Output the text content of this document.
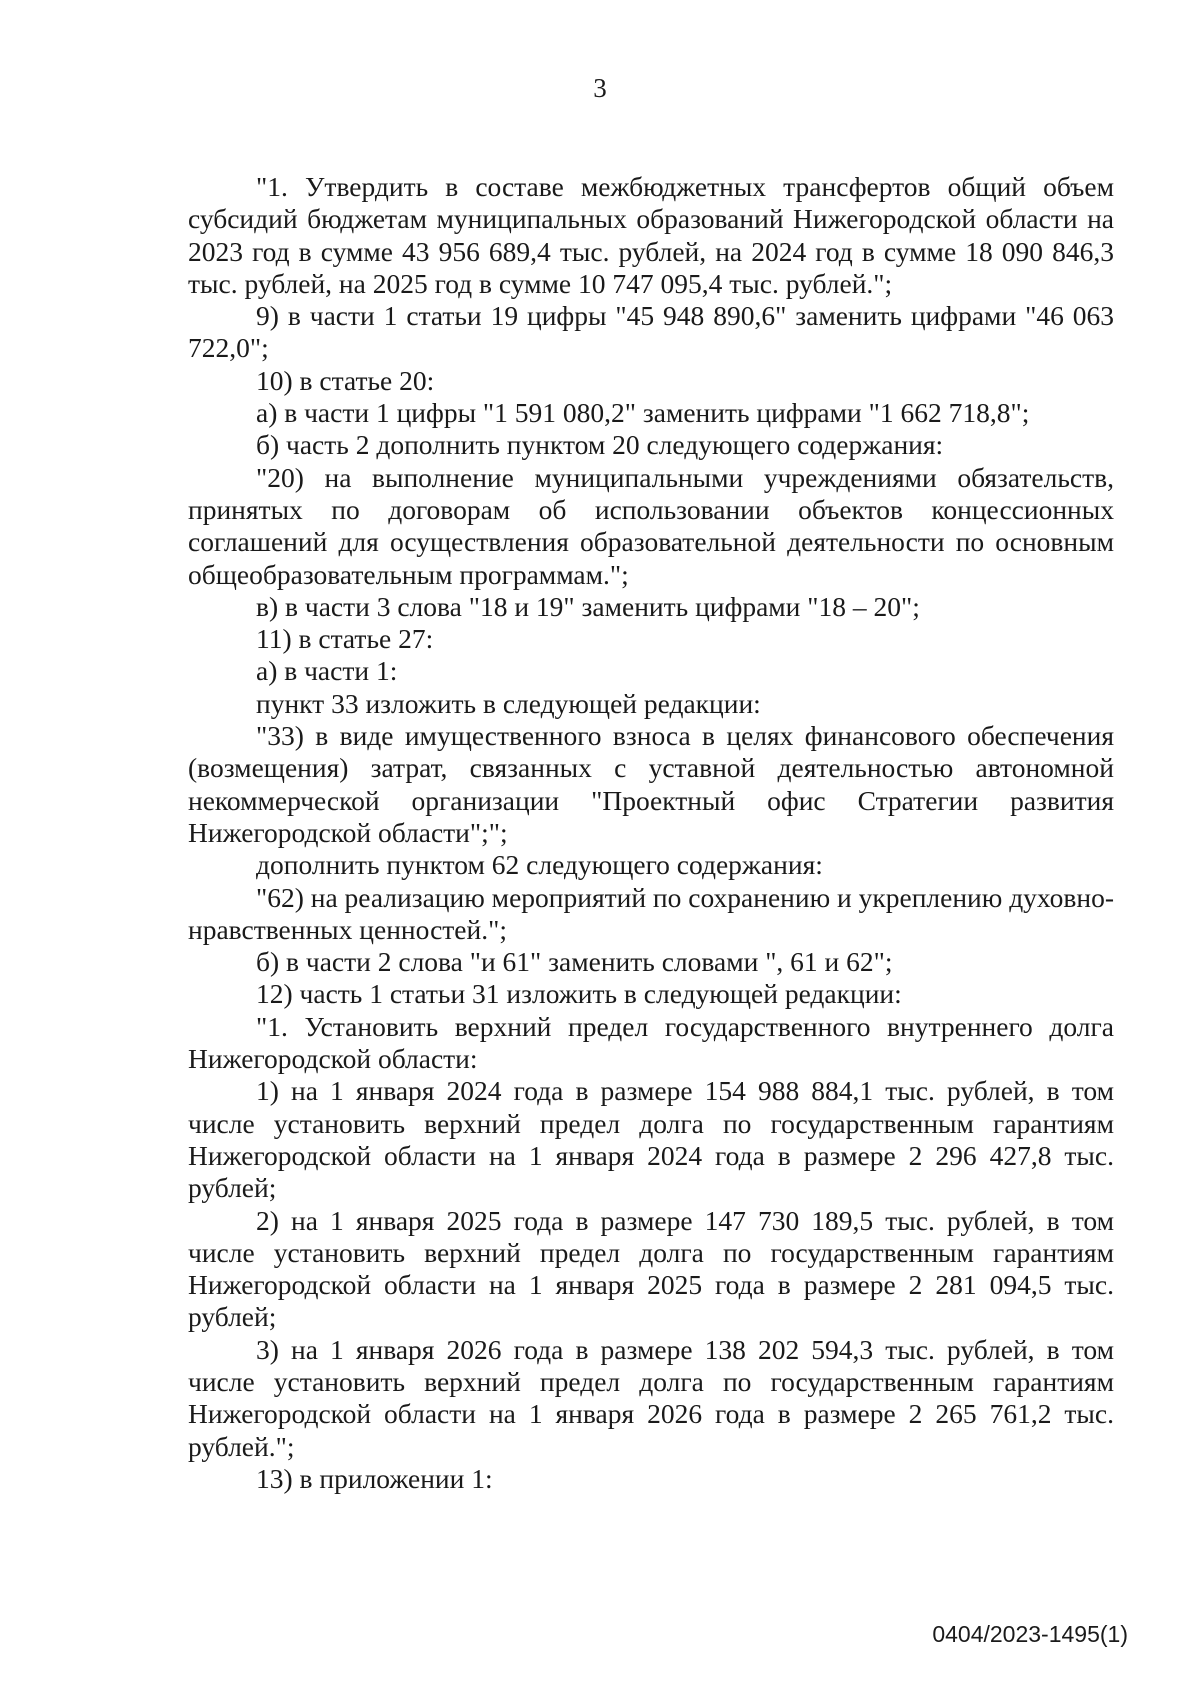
3

"1. Утвердить в составе межбюджетных трансфертов общий объем субсидий бюджетам муниципальных образований Нижегородской области на 2023 год в сумме 43 956 689,4 тыс. рублей, на 2024 год в сумме 18 090 846,3 тыс. рублей, на 2025 год в сумме 10 747 095,4 тыс. рублей.";

9) в части 1 статьи 19 цифры "45 948 890,6" заменить цифрами "46 063 722,0";

10) в статье 20:

а) в части 1 цифры "1 591 080,2" заменить цифрами "1 662 718,8";

б) часть 2 дополнить пунктом 20 следующего содержания:

"20) на выполнение муниципальными учреждениями обязательств, принятых по договорам об использовании объектов концессионных соглашений для осуществления образовательной деятельности по основным общеобразовательным программам.";

в) в части 3 слова "18 и 19" заменить цифрами "18 – 20";

11) в статье 27:

а) в части 1:

пункт 33 изложить в следующей редакции:

"33) в виде имущественного взноса в целях финансового обеспечения (возмещения) затрат, связанных с уставной деятельностью автономной некоммерческой организации "Проектный офис Стратегии развития Нижегородской области";";

дополнить пунктом 62 следующего содержания:

"62) на реализацию мероприятий по сохранению и укреплению духовно-нравственных ценностей.";

б) в части 2 слова "и 61" заменить словами ", 61 и 62";

12) часть 1 статьи 31 изложить в следующей редакции:

"1. Установить верхний предел государственного внутреннего долга Нижегородской области:

1) на 1 января 2024 года в размере 154 988 884,1 тыс. рублей, в том числе установить верхний предел долга по государственным гарантиям Нижегородской области на 1 января 2024 года в размере 2 296 427,8 тыс. рублей;

2) на 1 января 2025 года в размере 147 730 189,5 тыс. рублей, в том числе установить верхний предел долга по государственным гарантиям Нижегородской области на 1 января 2025 года в размере 2 281 094,5 тыс. рублей;

3) на 1 января 2026 года в размере 138 202 594,3 тыс. рублей, в том числе установить верхний предел долга по государственным гарантиям Нижегородской области на 1 января 2026 года в размере 2 265 761,2 тыс. рублей.";

13) в приложении 1:

0404/2023-1495(1)
